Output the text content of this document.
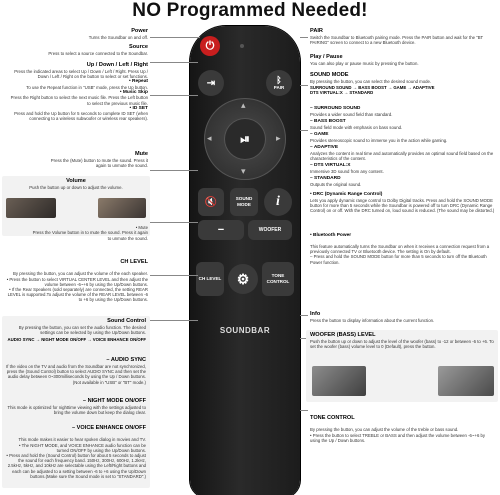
NO Programmed Needed!
⏻
⇥	ᛒ
PAIR
▴
▾
◂	▸
⏯
🔇	SOUND
MODE i
−	WOOFER
CH LEVEL ⚙	TONE
CONTROL
SOUNDBAR
Power

Turns the Soundbar on and off.

Source

Press to select a source connected to the Soundbar.

Up / Down / Left / Right

Press the indicated areas to select Up / Down / Left / Right. Press Up / Down / Left / Right on the button to select or set functions.

• Repeat

To use the Repeat function in "USB" mode, press the Up button.

• Music Skip

Press the Right button to select the next music file. Press the Left button to select the previous music file.

• ID SET

Press and hold the Up button for 5 seconds to complete ID SET (when connecting to a wireless subwoofer or wireless rear speakers).

Mute

Press the (Mute) button to mute the sound. Press it again to unmute the sound.

Volume

Push the button up or down to adjust the volume.

• Mute
Press the Volume button in to mute the sound. Press it again to unmute the sound.

CH LEVEL

By pressing the button, you can adjust the volume of the each speaker.
• Press the button to select VIRTUAL CENTER LEVEL and then adjust the volume between -6~+6 by using the Up/Down buttons.
• If the Rear Speakers (sold separately) are connected, the setting REAR LEVEL is supported.To adjust the volume of the REAR LEVEL between -6 to +6 by using the Up/Down buttons.

Sound Control

By pressing the button, you can set the audio function. The desired settings can be selected by using the Up/Down buttons.

AUDIO SYNC → NIGHT MODE ON/OFF → VOICE ENHANCE ON/OFF

– AUDIO SYNC

If the video on the TV and audio from the Soundbar are not synchronized, press the (Sound Control) button to select AUDIO SYNC and then set the audio delay between 0~300milliseconds by using the Up / Down buttons. (Not available in "USB" or "BT" mode.)

– NIGHT MODE ON/OFF

This mode is optimized for nighttime viewing with the settings adjusted to bring the volume down but keep the dialog clear.

– VOICE ENHANCE ON/OFF

This mode makes it easier to hear spoken dialog in movies and TV.
• The NIGHT MODE, and VOICE ENHANCE audio function can be turned ON/OFF by using the Up/Down buttons.
• Press and hold the (Sound Control) button for about 5 seconds to adjust the sound for each frequency band. 150Hz, 300Hz, 600Hz, 1.2kHz, 2.5kHz, 5kHz, and 10kHz are selectable using the Left/Right buttons and each can be adjusted to a setting between -6 to +6 using the Up/Down buttons.(Make sure the Sound mode is set to "STANDARD".)

PAIR

Switch the Soundbar to Bluetooth pairing mode. Press the PAIR button and wait for the "BT PAIRING" screen to connect to a new Bluetooth device.

Play / Pause

You can also play or pause music by pressing the button.

SOUND MODE

By pressing the button, you can select the desired sound mode.

SURROUND SOUND → BASS BOOST → GAME → ADAPTIVE
DTS VIRTUAL:X → STANDARD

– SURROUND SOUND

Provides a wider sound field than standard.

– BASS BOOST

Sound field mode with emphasis on bass sound.

– GAME

Provides stereoscopic sound to immerse you in the action while gaming.

– ADAPTIVE

Analyzes the content in real time and automatically provides an optimal sound field based on the characteristics of the content.

– DTS VIRTUAL:X

Immersive 3D sound from any content.

– STANDARD

Outputs the original sound.

• DRC (Dynamic Range Control)

Lets you apply dynamic range control to Dolby Digital tracks. Press and hold the SOUND MODE button for more than 5 seconds while the Soundbar is powered off to turn DRC (Dynamic Range Control) on or off. With the DRC turned on, loud sound is reduced. (The sound may be distorted.)

• Bluetooth Power

This feature automatically turns the Soundbar on when it receives a connection request from a previously connected TV or Bluetooth device. The setting is On by default.
– Press and hold the SOUND MODE button for more than 5 seconds to turn off the Bluetooth Power function.

Info

Press the button to display information about the current function.

WOOFER (BASS) LEVEL

Push the button up or down to adjust the level of the woofer (bass) to -12 or between -6 to +6. To set the woofer (bass) volume level to 0 (Default), press the button.

TONE CONTROL

By pressing the button, you can adjust the volume of the treble or bass sound.
• Press the button to select TREBLE or BASS and then adjust the volume between -6~+6 by using the Up / Down buttons.
